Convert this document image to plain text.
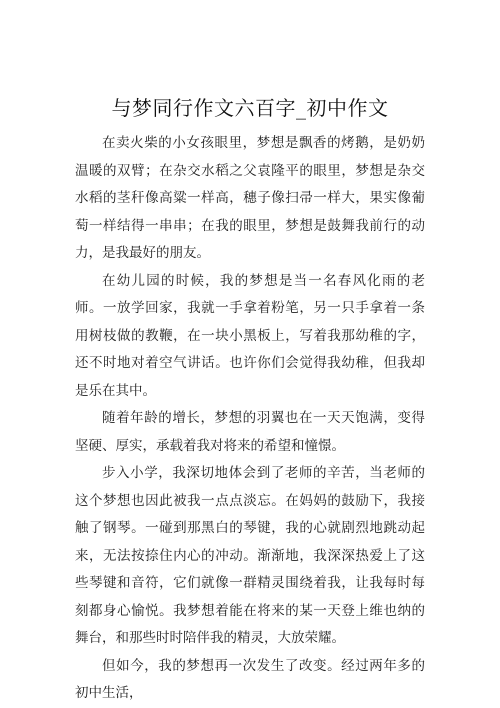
与梦同行作文六百字_初中作文

在卖火柴的小女孩眼里，梦想是飘香的烤鹅，是奶奶温暖的双臂；在杂交水稻之父袁隆平的眼里，梦想是杂交水稻的茎秆像高粱一样高，穗子像扫帚一样大，果实像葡萄一样结得一串串；在我的眼里，梦想是鼓舞我前行的动力，是我最好的朋友。

在幼儿园的时候，我的梦想是当一名春风化雨的老师。一放学回家，我就一手拿着粉笔，另一只手拿着一条用树枝做的教鞭，在一块小黑板上，写着我那幼稚的字，还不时地对着空气讲话。也许你们会觉得我幼稚，但我却是乐在其中。

随着年龄的增长，梦想的羽翼也在一天天饱满，变得坚硬、厚实，承载着我对将来的希望和憧憬。

步入小学，我深切地体会到了老师的辛苦，当老师的这个梦想也因此被我一点点淡忘。在妈妈的鼓励下，我接触了钢琴。一碰到那黑白的琴键，我的心就剧烈地跳动起来，无法按捺住内心的冲动。渐渐地，我深深热爱上了这些琴键和音符，它们就像一群精灵围绕着我，让我每时每刻都身心愉悦。我梦想着能在将来的某一天登上维也纳的舞台，和那些时时陪伴我的精灵，大放荣耀。

但如今，我的梦想再一次发生了改变。经过两年多的初中生活，
